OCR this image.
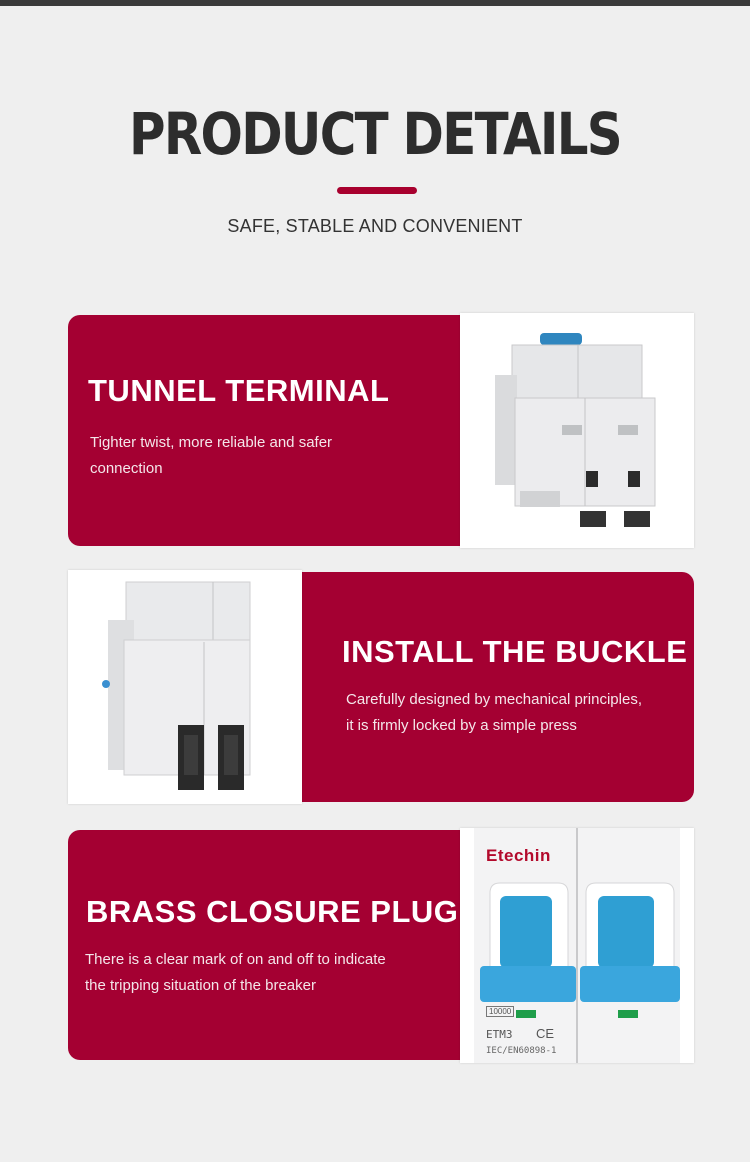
PRODUCT DETAILS
SAFE, STABLE AND CONVENIENT
TUNNEL TERMINAL

Tighter twist, more reliable and safer

connection

INSTALL THE BUCKLE

Carefully designed by mechanical principles,

it is firmly locked by a simple press

BRASS CLOSURE PLUG

There is a clear mark of on and off to indicate

the tripping situation of the breaker

Etechin
10000
ETM3 CE
IEC/EN60898-1
